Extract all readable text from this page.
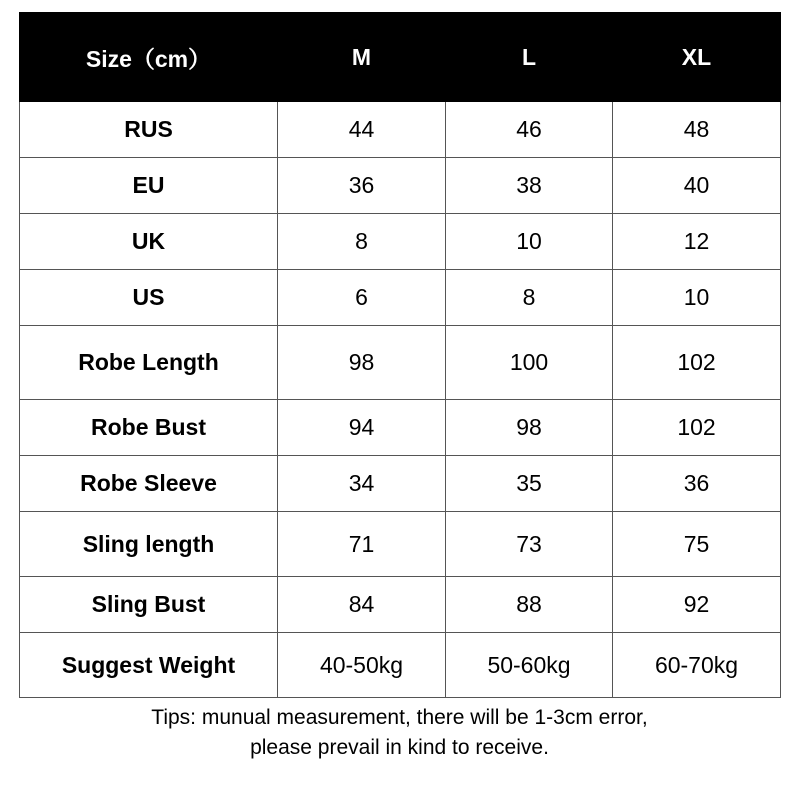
Size（cm）	M	L	XL
RUS	44	46	48
EU	36	38	40
UK	8	10	12
US	6	8	10
Robe Length	98	100	102
Robe Bust	94	98	102
Robe Sleeve	34	35	36
Sling length	71	73	75
Sling Bust	84	88	92
Suggest Weight	40-50kg	50-60kg	60-70kg
Tips: munual measurement, there will be 1-3cm error,
please prevail in kind to receive.
